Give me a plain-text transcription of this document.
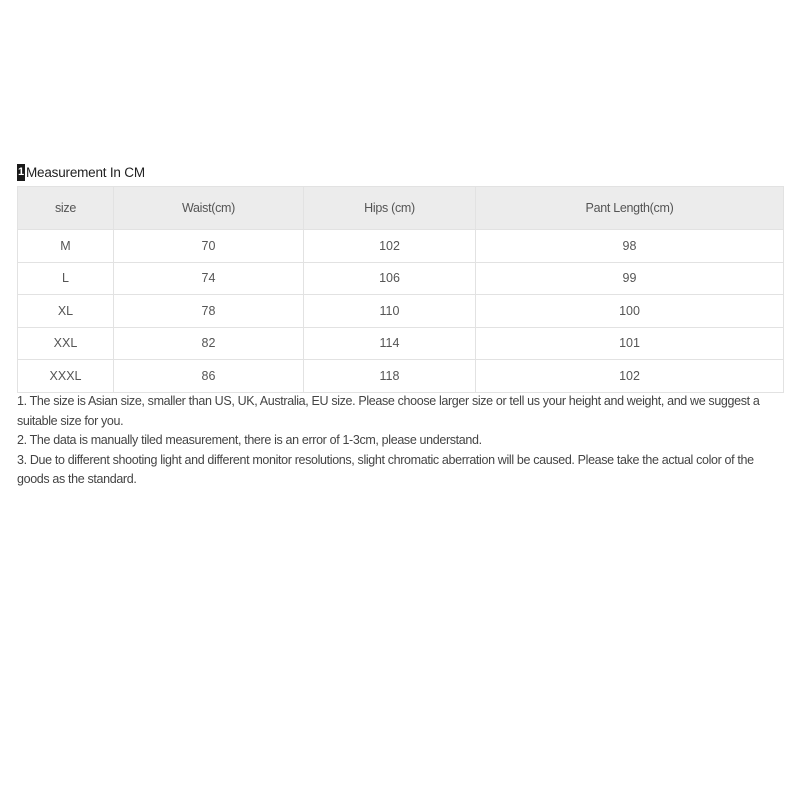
1 Measurement In CM
size	Waist(cm)	Hips (cm)	Pant Length(cm)
M	70	102	98
L	74	106	99
XL	78	110	100
XXL	82	114	101
XXXL	86	118	102

1. The size is Asian size, smaller than US, UK, Australia, EU size. Please choose larger size or tell us your height and weight, and we suggest a suitable size for you.

2. The data is manually tiled measurement, there is an error of 1-3cm, please understand.

3. Due to different shooting light and different monitor resolutions, slight chromatic aberration will be caused. Please take the actual color of the goods as the standard.
